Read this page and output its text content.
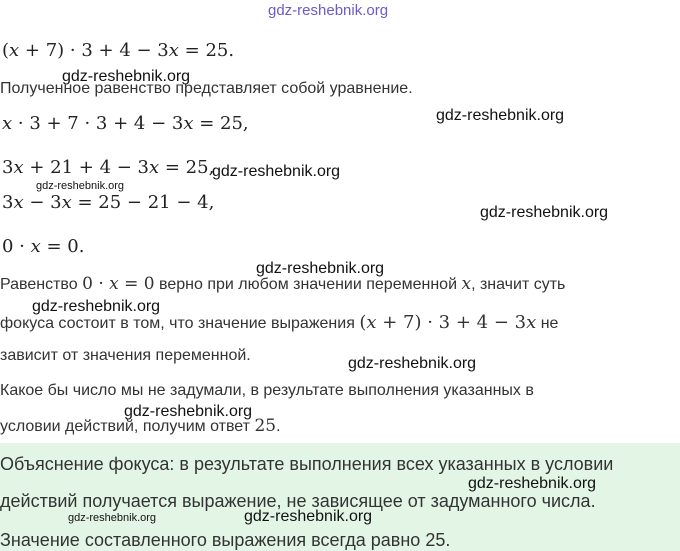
gdz-reshebnik.org
(x + 7) · 3 + 4 − 3x = 25.
gdz-reshebnik.org
Полученное равенство представляет собой уравнение.
x · 3 + 7 · 3 + 4 − 3x = 25,	gdz-reshebnik.org
3x + 21 + 4 − 3x = 25,
gdz-reshebnik.org
gdz-reshebnik.org
3x − 3x = 25 − 21 − 4,	gdz-reshebnik.org
0 · x = 0.
gdz-reshebnik.org
Равенство 0 · x = 0 верно при любом значении переменной x, значит суть
gdz-reshebnik.org
фокуса состоит в том, что значение выражения (x + 7) · 3 + 4 − 3x не
зависит от значения переменной.	gdz-reshebnik.org
Какое бы число мы не задумали, в результате выполнения указанных в
gdz-reshebnik.org
условии действий, получим ответ 25.
Объяснение фокуса: в результате выполнения всех указанных в условии
gdz-reshebnik.org
действий получается выражение, не зависящее от задуманного числа.
gdz-reshebnik.org	gdz-reshebnik.org
Значение составленного выражения всегда равно 25.
